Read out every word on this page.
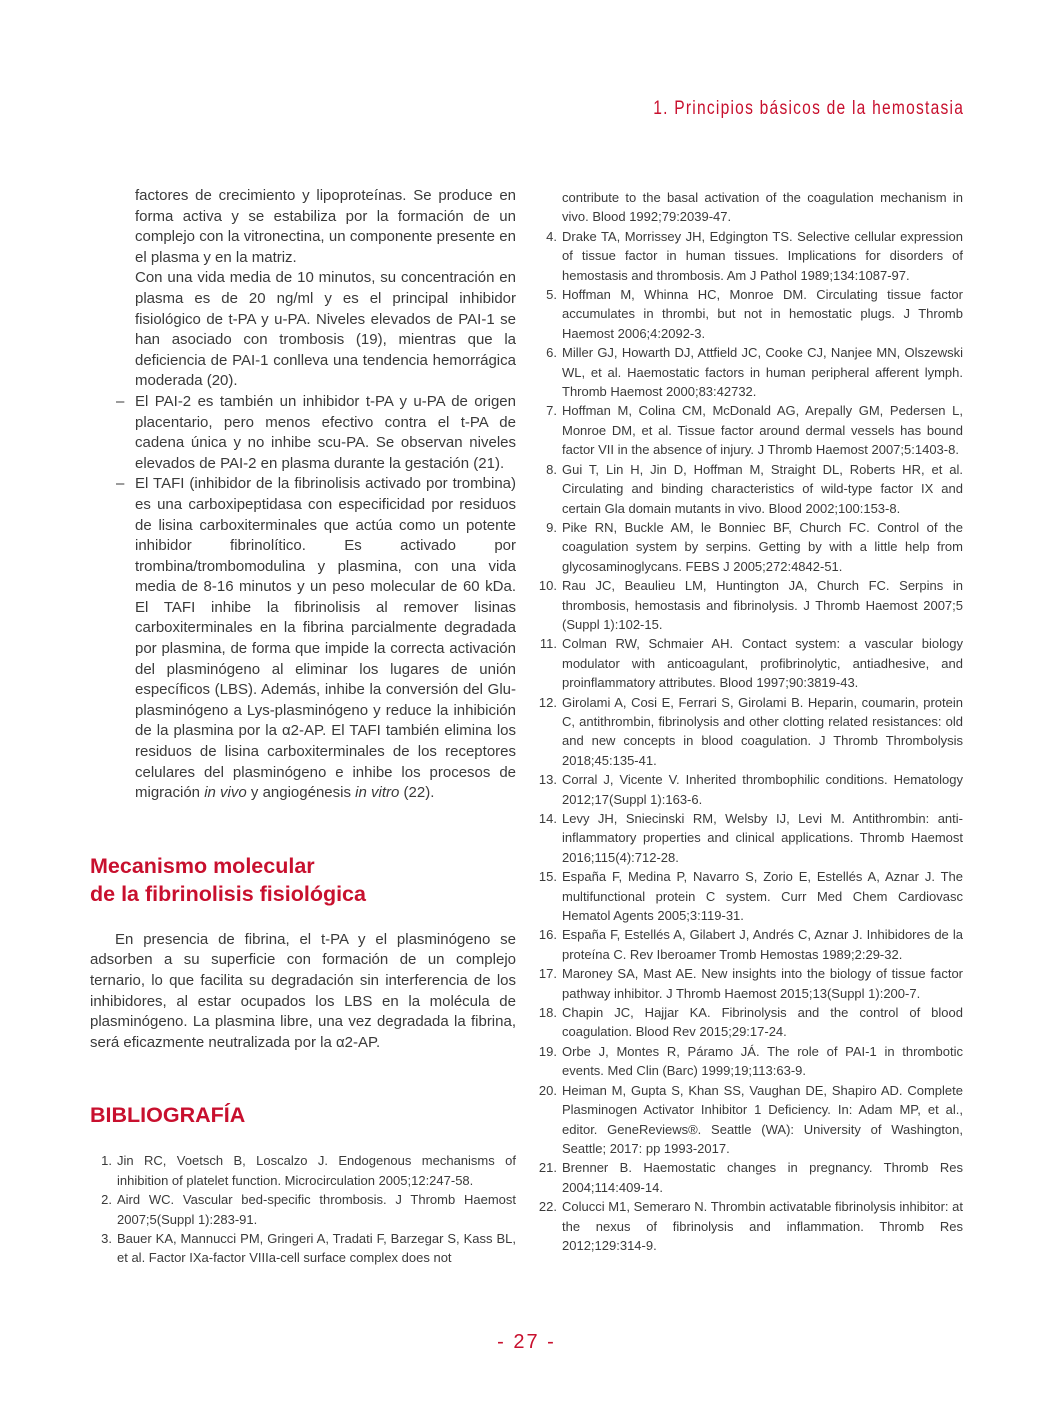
1. Principios básicos de la hemostasia

factores de crecimiento y lipoproteínas. Se produce en forma activa y se estabiliza por la formación de un complejo con la vitronectina, un componente presente en el plasma y en la matriz.

Con una vida media de 10 minutos, su concentración en plasma es de 20 ng/ml y es el principal inhibidor fisiológico de t-PA y u-PA. Niveles elevados de PAI-1 se han asociado con trombosis (19), mientras que la deficiencia de PAI-1 conlleva una tendencia hemorrágica moderada (20).

– El PAI-2 es también un inhibidor t-PA y u-PA de origen placentario, pero menos efectivo contra el t-PA de cadena única y no inhibe scu-PA. Se observan niveles elevados de PAI-2 en plasma durante la gestación (21).
– El TAFI (inhibidor de la fibrinolisis activado por trombina) es una carboxipeptidasa con especificidad por residuos de lisina carboxiterminales que actúa como un potente inhibidor fibrinolítico. Es activado por trombina/trombomodulina y plasmina, con una vida media de 8-16 minutos y un peso molecular de 60 kDa. El TAFI inhibe la fibrinolisis al remover lisinas carboxiterminales en la fibrina parcialmente degradada por plasmina, de forma que impide la correcta activación del plasminógeno al eliminar los lugares de unión específicos (LBS). Además, inhibe la conversión del Glu-plasminógeno a Lys-plasminógeno y reduce la inhibición de la plasmina por la α2-AP. El TAFI también elimina los residuos de lisina carboxiterminales de los receptores celulares del plasminógeno e inhibe los procesos de migración in vivo y angiogénesis in vitro (22).
Mecanismo molecular
de la fibrinolisis fisiológica

En presencia de fibrina, el t-PA y el plasminógeno se adsorben a su superficie con formación de un complejo ternario, lo que facilita su degradación sin interferencia de los inhibidores, al estar ocupados los LBS en la molécula de plasminógeno. La plasmina libre, una vez degradada la fibrina, será eficazmente neutralizada por la α2-AP.

BIBLIOGRAFÍA
1. Jin RC, Voetsch B, Loscalzo J. Endogenous mechanisms of inhibition of platelet function. Microcirculation 2005;12:247-58.
2. Aird WC. Vascular bed-specific thrombosis. J Thromb Haemost 2007;5(Suppl 1):283-91.
3. Bauer KA, Mannucci PM, Gringeri A, Tradati F, Barzegar S, Kass BL, et al. Factor IXa-factor VIIIa-cell surface complex does not
contribute to the basal activation of the coagulation mechanism in vivo. Blood 1992;79:2039-47.
4. Drake TA, Morrissey JH, Edgington TS. Selective cellular expression of tissue factor in human tissues. Implications for disorders of hemostasis and thrombosis. Am J Pathol 1989;134:1087-97.
5. Hoffman M, Whinna HC, Monroe DM. Circulating tissue factor accumulates in thrombi, but not in hemostatic plugs. J Thromb Haemost 2006;4:2092-3.
6. Miller GJ, Howarth DJ, Attfield JC, Cooke CJ, Nanjee MN, Olszewski WL, et al. Haemostatic factors in human peripheral afferent lymph. Thromb Haemost 2000;83:42732.
7. Hoffman M, Colina CM, McDonald AG, Arepally GM, Pedersen L, Monroe DM, et al. Tissue factor around dermal vessels has bound factor VII in the absence of injury. J Thromb Haemost 2007;5:1403-8.
8. Gui T, Lin H, Jin D, Hoffman M, Straight DL, Roberts HR, et al. Circulating and binding characteristics of wild-type factor IX and certain Gla domain mutants in vivo. Blood 2002;100:153-8.
9. Pike RN, Buckle AM, le Bonniec BF, Church FC. Control of the coagulation system by serpins. Getting by with a little help from glycosaminoglycans. FEBS J 2005;272:4842-51.
10. Rau JC, Beaulieu LM, Huntington JA, Church FC. Serpins in thrombosis, hemostasis and fibrinolysis. J Thromb Haemost 2007;5 (Suppl 1):102-15.
11. Colman RW, Schmaier AH. Contact system: a vascular biology modulator with anticoagulant, profibrinolytic, antiadhesive, and proinflammatory attributes. Blood 1997;90:3819-43.
12. Girolami A, Cosi E, Ferrari S, Girolami B. Heparin, coumarin, protein C, antithrombin, fibrinolysis and other clotting related resistances: old and new concepts in blood coagulation. J Thromb Thrombolysis 2018;45:135-41.
13. Corral J, Vicente V. Inherited thrombophilic conditions. Hematology 2012;17(Suppl 1):163-6.
14. Levy JH, Sniecinski RM, Welsby IJ, Levi M. Antithrombin: anti-inflammatory properties and clinical applications. Thromb Haemost 2016;115(4):712-28.
15. España F, Medina P, Navarro S, Zorio E, Estellés A, Aznar J. The multifunctional protein C system. Curr Med Chem Cardiovasc Hematol Agents 2005;3:119-31.
16. España F, Estellés A, Gilabert J, Andrés C, Aznar J. Inhibidores de la proteína C. Rev Iberoamer Tromb Hemostas 1989;2:29-32.
17. Maroney SA, Mast AE. New insights into the biology of tissue factor pathway inhibitor. J Thromb Haemost 2015;13(Suppl 1):200-7.
18. Chapin JC, Hajjar KA. Fibrinolysis and the control of blood coagulation. Blood Rev 2015;29:17-24.
19. Orbe J, Montes R, Páramo JÁ. The role of PAI-1 in thrombotic events. Med Clin (Barc) 1999;19;113:63-9.
20. Heiman M, Gupta S, Khan SS, Vaughan DE, Shapiro AD. Complete Plasminogen Activator Inhibitor 1 Deficiency. In: Adam MP, et al., editor. GeneReviews®. Seattle (WA): University of Washington, Seattle; 2017: pp 1993-2017.
21. Brenner B. Haemostatic changes in pregnancy. Thromb Res 2004;114:409-14.
22. Colucci M1, Semeraro N. Thrombin activatable fibrinolysis inhibitor: at the nexus of fibrinolysis and inflammation. Thromb Res 2012;129:314-9.
- 27 -
